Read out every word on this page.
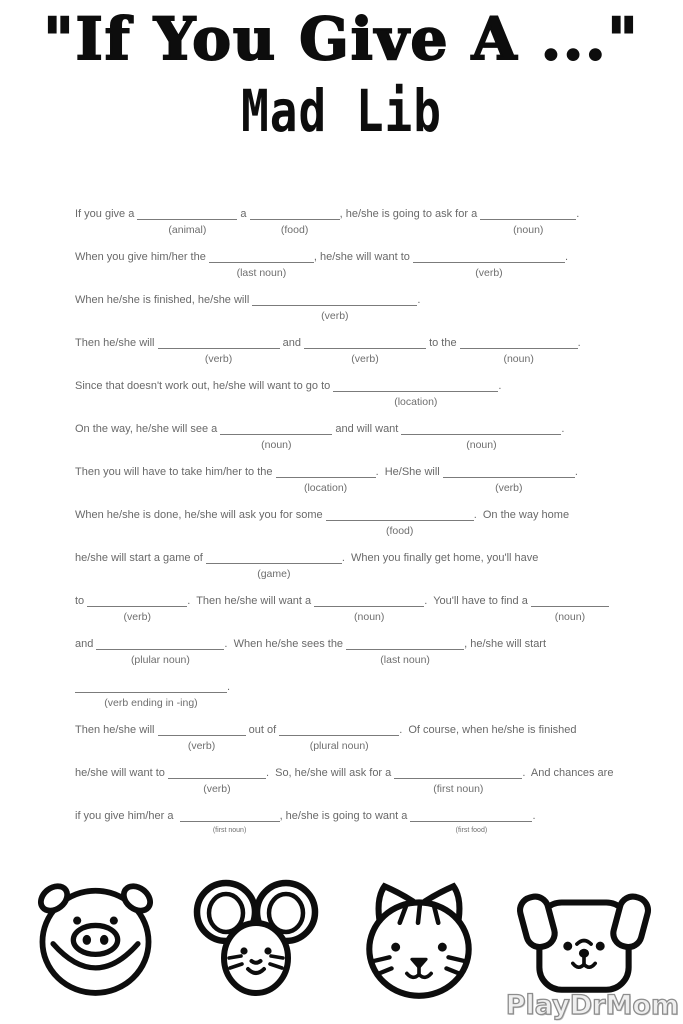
"If You Give A ..."
Mad Lib
If you give a
(animal)
a
(food)
, he/she is going to ask for a
(noun)
.
When you give him/her the
(last noun)
, he/she will want to
(verb)
.
When he/she is finished, he/she will
(verb)
.
Then he/she will
(verb)
and
(verb)
to the
(noun)
.
Since that doesn't work out, he/she will want to go to
(location)
.
On the way, he/she will see a
(noun)
and will want
(noun)
.
Then you will have to take him/her to the
(location)
.  He/She will
(verb)
.
When he/she is done, he/she will ask you for some
(food)
.  On the way home
he/she will start a game of
(game)
.  When you finally get home, you'll have
to
(verb)
.  Then he/she will want a
(noun)
.  You'll have to find a
(noun)
and
(plular noun)
.  When he/she sees the
(last noun)
, he/she will start
(verb ending in -ing)
.
Then he/she will
(verb)
out of
(plural noun)
.  Of course, when he/she is finished
he/she will want to
(verb)
.  So, he/she will ask for a
(first noun)
.  And chances are
if you give him/her a
(first noun)
, he/she is going to want a
(first food)
.
PlayDrMom
